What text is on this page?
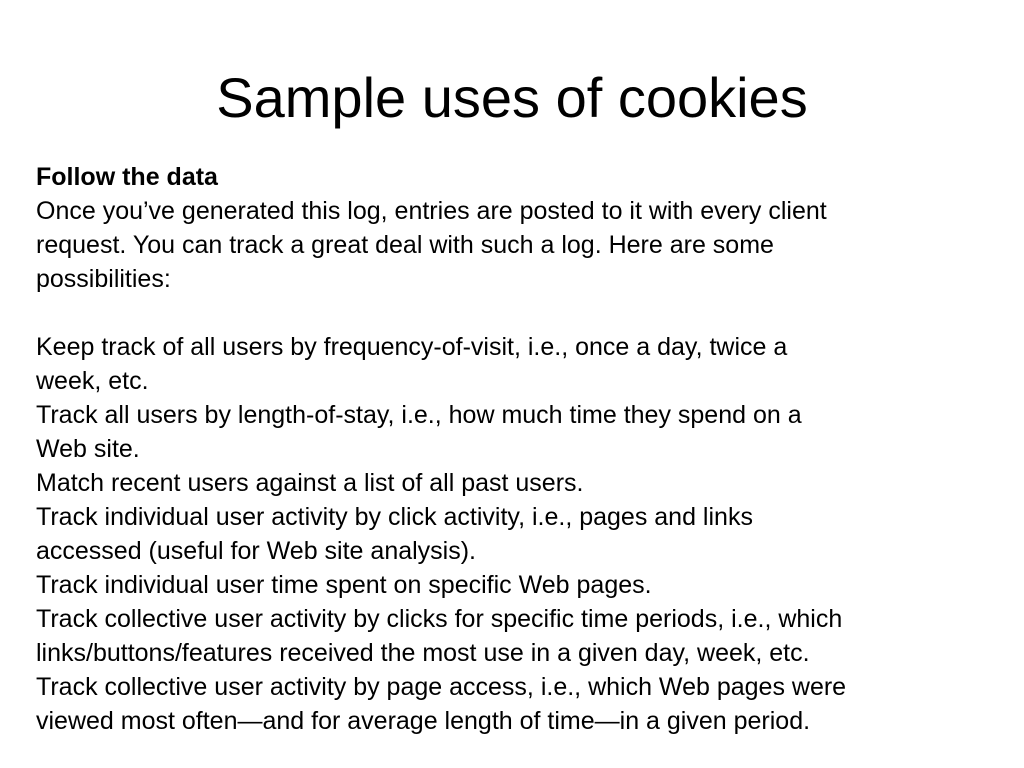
Sample uses of cookies
Follow the data
Once you’ve generated this log, entries are posted to it with every client
request. You can track a great deal with such a log. Here are some
possibilities:
Keep track of all users by frequency-of-visit, i.e., once a day, twice a
week, etc.
Track all users by length-of-stay, i.e., how much time they spend on a
Web site.
Match recent users against a list of all past users.
Track individual user activity by click activity, i.e., pages and links
accessed (useful for Web site analysis).
Track individual user time spent on specific Web pages.
Track collective user activity by clicks for specific time periods, i.e., which
links/buttons/features received the most use in a given day, week, etc.
Track collective user activity by page access, i.e., which Web pages were
viewed most often—and for average length of time—in a given period.
